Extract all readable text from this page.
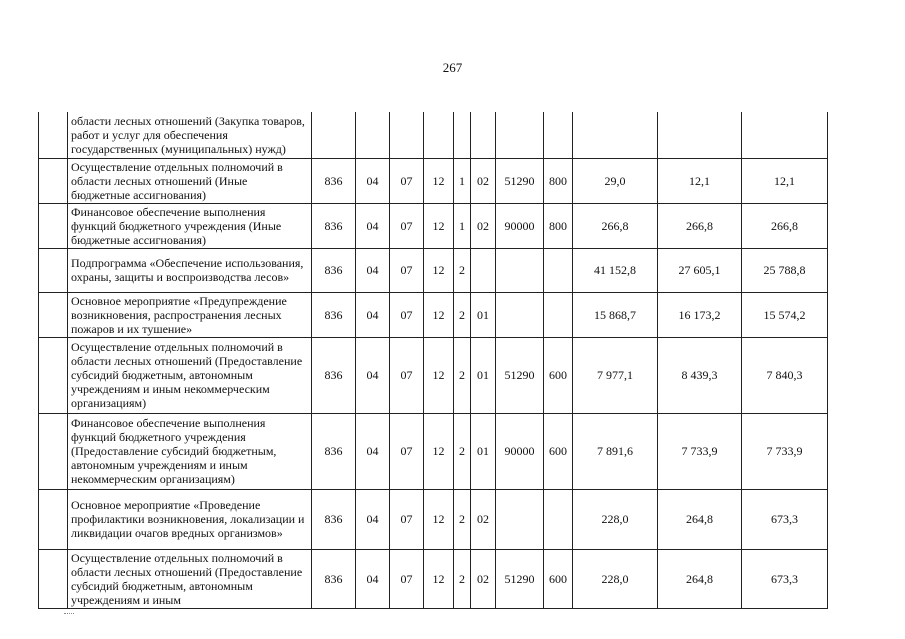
267
	области лесных отношений (Закупка товаров, работ и услуг для обеспечения государственных (муниципальных) нужд)											
	Осуществление отдельных полномочий в области лесных отношений (Иные бюджетные ассигнования)	836	04	07	12	1	02	51290	800	29,0	12,1	12,1
	Финансовое обеспечение выполнения функций бюджетного учреждения (Иные бюджетные ассигнования)	836	04	07	12	1	02	90000	800	266,8	266,8	266,8
	Подпрограмма «Обеспечение использования, охраны, защиты и воспроизводства лесов»	836	04	07	12	2				41 152,8	27 605,1	25 788,8
	Основное мероприятие «Предупреждение возникновения, распространения лесных пожаров и их тушение»	836	04	07	12	2	01			15 868,7	16 173,2	15 574,2
	Осуществление отдельных полномочий в области лесных отношений (Предоставление субсидий бюджетным, автономным учреждениям и иным некоммерческим организациям)	836	04	07	12	2	01	51290	600	7 977,1	8 439,3	7 840,3
	Финансовое обеспечение выполнения функций бюджетного учреждения (Предоставление субсидий бюджетным, автономным учреждениям и иным некоммерческим организациям)	836	04	07	12	2	01	90000	600	7 891,6	7 733,9	7 733,9
	Основное мероприятие «Проведение профилактики возникновения, локализации и ликвидации очагов вредных организмов»	836	04	07	12	2	02			228,0	264,8	673,3
	Осуществление отдельных полномочий в области лесных отношений (Предоставление субсидий бюджетным, автономным учреждениям и иным	836	04	07	12	2	02	51290	600	228,0	264,8	673,3
